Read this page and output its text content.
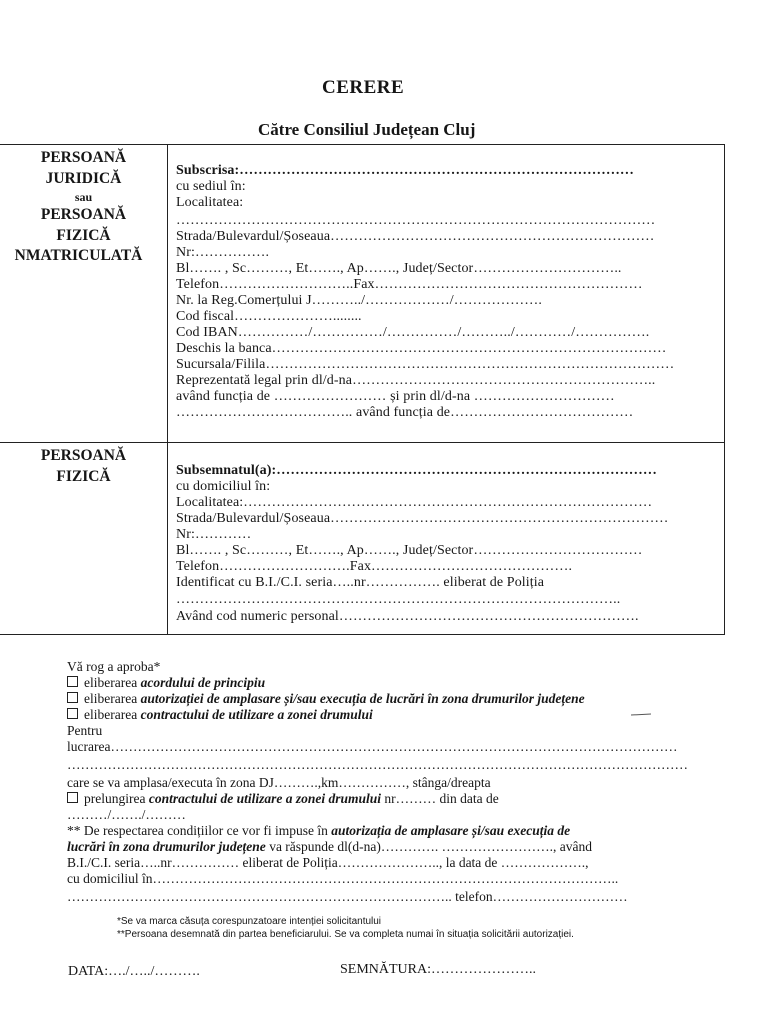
CERERE
Către Consiliul Județean Cluj
PERSOANĂ
JURIDICĂ
sau
PERSOANĂ
FIZICĂ
NMATRICULATĂ
Subscrisa:…………………………………………………………………………
cu sediul în:
Localitatea:
…………………………………………………………………………………………
Strada/Bulevardul/Șoseaua……………………………………………………………
Nr:…………….
Bl……. , Sc………, Et……., Ap……., Județ/Sector…………………………..
Telefon………………………..Fax…………………………………………………
Nr. la Reg.Comerțului J………../………………/……………….
Cod fiscal…………………........
Cod IBAN……………/……………/……………/………../…………/…………….
Deschis la banca…………………………………………………………………………
Sucursala/Filila……………………………………………………………………………
Reprezentată legal prin dl/d-na………………………………………………………..
având funcția de …………………… și prin dl/d-na …………………………
……………………………….. având funcția de…………………………………
PERSOANĂ
FIZICĂ	Subsemnatul(a):………………………………………………………………………
cu domiciliul în:
Localitatea:……………………………………………………………………………
Strada/Bulevardul/Șoseaua………………………………………………………………
Nr:…………
Bl……. , Sc………, Et……., Ap……., Județ/Sector………………………………
Telefon……………………….Fax…………………………………….
Identificat cu B.I./C.I. seria…..nr……………. eliberat de Poliția
…………………………………………………………………………………..
Având cod numeric personal……………………………………………………….
Vă rog a aproba*
eliberarea acordului de principiu
eliberarea autorizației de amplasare și/sau execuția de lucrări în zona drumurilor județene
eliberarea contractului de utilizare a zonei drumului
Pentru
lucrarea………………………………………………………………………………………………………………
…………………………………………………………………………………………………………………………
care se va amplasa/executa în zona DJ……….,km……………, stânga/dreapta
prelungirea contractului de utilizare a zonei drumului nr……… din data de
………/……./………
** De respectarea condițiilor ce vor fi impuse în autorizația de amplasare și/sau execuția de
lucrări în zona drumurilor județene va răspunde dl(d-na)…………. ……………………., având
B.I./C.I. seria…..nr…………… eliberat de Poliția………………….., la data de ……………….,
cu domiciliul în…………………………………………………………………………………………..
………………………………………………………………………….. telefon…………………………
*Se va marca căsuța corespunzatoare intenției solicitantului
**Persoana desemnată din partea beneficiarului. Se va completa numai în situația solicitării autorizației.
DATA:…./…../……….	SEMNĂTURA:…………………..
